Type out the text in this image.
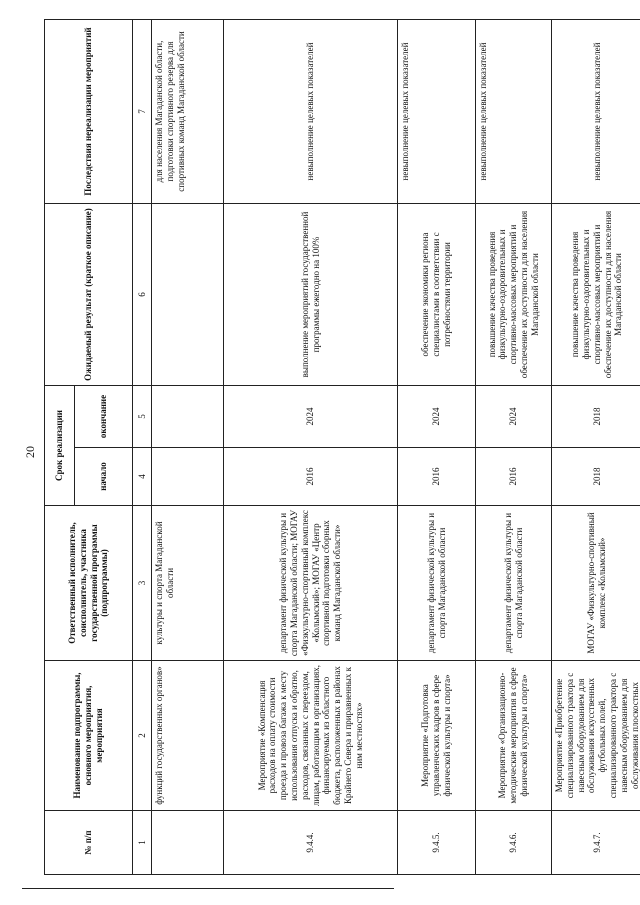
20
№ п/п	Наименование подпрограммы, основного мероприятия, мероприятия	Ответственный исполнитель, соисполнитель, участника государственной программы (подпрограммы)	Срок реализации		Ожидаемый результат (краткое описание)	Последствия нереализации мероприятий
			начало	окончание		
1	2	3	4	5	6	7
	функций государственных органов»	культуры и спорта Магаданской области				для населения Магаданской области, подготовки спортивного резерва для спортивных команд Магаданской области
9.4.4.	Мероприятие «Компенсация расходов на оплату стоимости проезда и провоза багажа к месту использования отпуска и обратно, расходов, связанных с переездом, лицам, работающим в организациях, финансируемых из областного бюджета, расположенных в районах Крайнего Севера и приравненных к ним местностях»	департамент физической культуры и спорта Магаданской области; МОГАУ «Физкультурно-спортивный комплекс «Колымский»; МОГАУ «Центр спортивной подготовки сборных команд Магаданской области»	2016	2024	выполнение мероприятий государственной программы ежегодно на 100%	невыполнение целевых показателей
9.4.5.	Мероприятие «Подготовка управленческих кадров в сфере физической культуры и спорта»	департамент физической культуры и спорта Магаданской области	2016	2024	обеспечение экономики региона специалистами в соответствии с потребностями территории	невыполнение целевых показателей
9.4.6.	Мероприятие «Организационно-методические мероприятия в сфере физической культуры и спорта»	департамент физической культуры и спорта Магаданской области	2016	2024	повышение качества проведения физкультурно-оздоровительных и спортивно-массовых мероприятий и обеспечение их доступности для населения Магаданской области	невыполнение целевых показателей
9.4.7.	Мероприятие «Приобретение специализированного трактора с навесным оборудованием для обслуживания искусственных футбольных полей, специализированного трактора с навесным оборудованием для обслуживания плоскостных	МОГАУ «Физкультурно-спортивный комплекс «Колымский»	2018	2018	повышение качества проведения физкультурно-оздоровительных и спортивно-массовых мероприятий и обеспечение их доступности для населения Магаданской области	невыполнение целевых показателей
